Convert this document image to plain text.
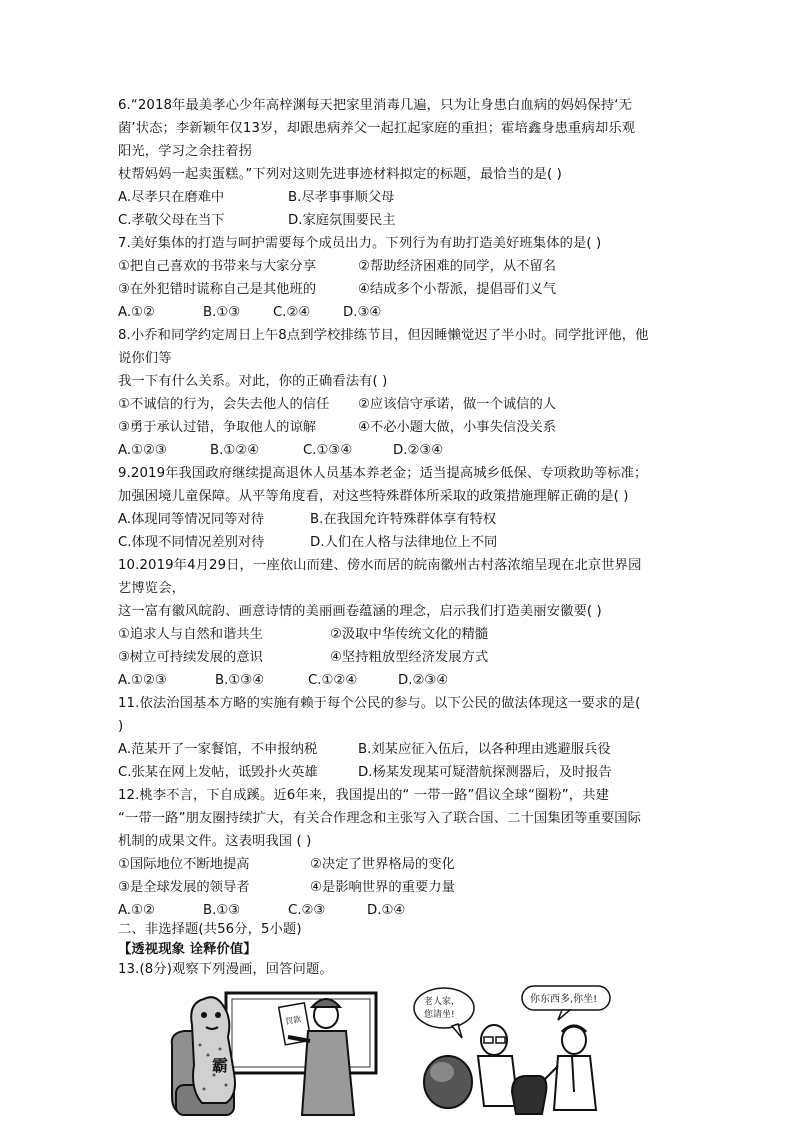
6.“2018年最美孝心少年高梓渊每天把家里消毒几遍，只为让身患白血病的妈妈保持‘无
菌’状态；李新颖年仅13岁，却跟患病养父一起扛起家庭的重担；霍培鑫身患重病却乐观
阳光，学习之余拄着拐
杖帮妈妈一起卖蛋糕。”下列对这则先进事迹材料拟定的标题，最恰当的是( )
A.尽孝只在磨难中	B.尽孝事事顺父母
C.孝敬父母在当下	D.家庭氛围要民主
7.美好集体的打造与呵护需要每个成员出力。下列行为有助打造美好班集体的是( )
①把自己喜欢的书带来与大家分享	②帮助经济困难的同学，从不留名
③在外犯错时谎称自己是其他班的	④结成多个小帮派，提倡哥们义气
A.①②	B.①③ C.②④ D.③④
8.小乔和同学约定周日上午8点到学校排练节目，但因睡懒觉迟了半小时。同学批评他，他
说你们等
我一下有什么关系。对此，你的正确看法有( )
①不诚信的行为，会失去他人的信任 ②应该信守承诺，做一个诚信的人
③勇于承认过错，争取他人的谅解	④不必小题大做，小事失信没关系
A.①②③	B.①②④	C.①③④	D.②③④
9.2019年我国政府继续提高退休人员基本养老金；适当提高城乡低保、专项救助等标准；
加强困境儿童保障。从平等角度看，对这些特殊群体所采取的政策措施理解正确的是( )
A.体现同等情况同等对待	B.在我国允许特殊群体享有特权
C.体现不同情况差别对待	D.人们在人格与法律地位上不同
10.2019年4月29日，一座依山而建、傍水而居的皖南徽州古村落浓缩呈现在北京世界园
艺博览会，
这一富有徽风皖韵、画意诗情的美丽画卷蕴涵的理念，启示我们打造美丽安徽要( )
①追求人与自然和谐共生	②汲取中华传统文化的精髓
③树立可持续发展的意识	④坚持粗放型经济发展方式
A.①②③	B.①③④	C.①②④	D.②③④
11.依法治国基本方略的实施有赖于每个公民的参与。以下公民的做法体现这一要求的是(
)
A.范某开了一家餐馆，不申报纳税	B.刘某应征入伍后，以各种理由逃避服兵役
C.张某在网上发帖，诋毁扑火英雄	D.杨某发现某可疑潜航探测器后，及时报告
12.桃李不言，下自成蹊。近6年来，我国提出的“ 一带一路”倡议全球“圈粉”，共建
“一带一路”朋友圈持续扩大，有关合作理念和主张写入了联合国、二十国集团等重要国际
机制的成果文件。这表明我国 ( )
①国际地位不断地提高	②决定了世界格局的变化
③是全球发展的领导者	④是影响世界的重要力量
A.①②	B.①③	C.②③	D.①④
二、非选择题(共56分，5小题)
【透视现象 诠释价值】
13.(8分)观察下列漫画，回答问题。
霸
罚款
老人家,
您请坐!
你东西多,你坐!
